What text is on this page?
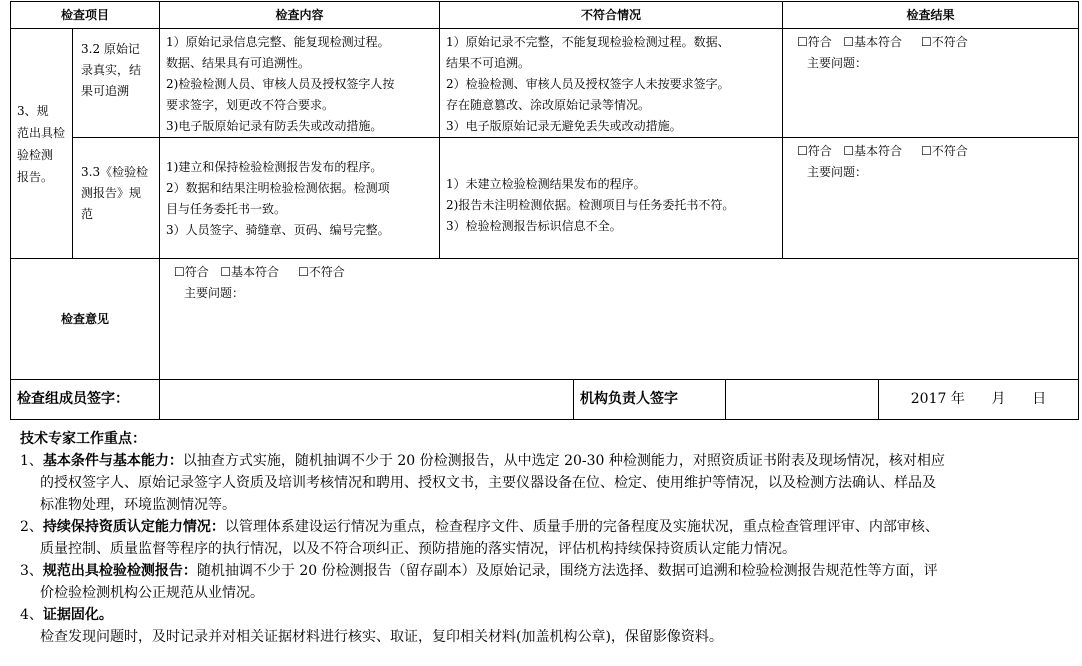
检查项目		检查内容	不符合情况			检查结果	

3、规
范出具检
验检测
报告。	3.2 原始记
录真实，结
果可追溯	1）原始记录信息完整、能复现检测过程。
数据、结果具有可追溯性。
2)检验检测人员、审核人员及授权签字人按
要求签字，划更改不符合要求。
3)电子版原始记录有防丢失或改动措施。	1）原始记录不完整，不能复现检验检测过程。数据、
结果不可追溯。
2）检验检测、审核人员及授权签字人未按要求签字。
存在随意篡改、涂改原始记录等情况。
3）电子版原始记录无避免丢失或改动措施。			☐符合   ☐基本符合     ☐不符合
主要问题：	

	3.3《检验检
测报告》规
范	1)建立和保持检验检测报告发布的程序。
2）数据和结果注明检验检测依据。检测项
目与任务委托书一致。
3）人员签字、骑缝章、页码、编号完整。	1）未建立检验检测结果发布的程序。
2)报告未注明检测依据。检测项目与任务委托书不符。
3）检验检测报告标识信息不全。			☐符合   ☐基本符合     ☐不符合
主要问题：	

检查意见		☐符合   ☐基本符合     ☐不符合
主要问题：					

检查组成员签字：				机构负责人签字			2017 年      月      日
技术专家工作重点：

1、基本条件与基本能力：以抽查方式实施，随机抽调不少于 20 份检测报告，从中选定 20-30 种检测能力，对照资质证书附表及现场情况，核对相应

的授权签字人、原始记录签字人资质及培训考核情况和聘用、授权文书，主要仪器设备在位、检定、使用维护等情况，以及检测方法确认、样品及

标准物处理，环境监测情况等。

2、持续保持资质认定能力情况：以管理体系建设运行情况为重点，检查程序文件、质量手册的完备程度及实施状况，重点检查管理评审、内部审核、

质量控制、质量监督等程序的执行情况，以及不符合项纠正、预防措施的落实情况，评估机构持续保持资质认定能力情况。

3、规范出具检验检测报告：随机抽调不少于 20 份检测报告（留存副本）及原始记录，围绕方法选择、数据可追溯和检验检测报告规范性等方面，评

价检验检测机构公正规范从业情况。

4、证据固化。

检查发现问题时，及时记录并对相关证据材料进行核实、取证，复印相关材料(加盖机构公章)，保留影像资料。
